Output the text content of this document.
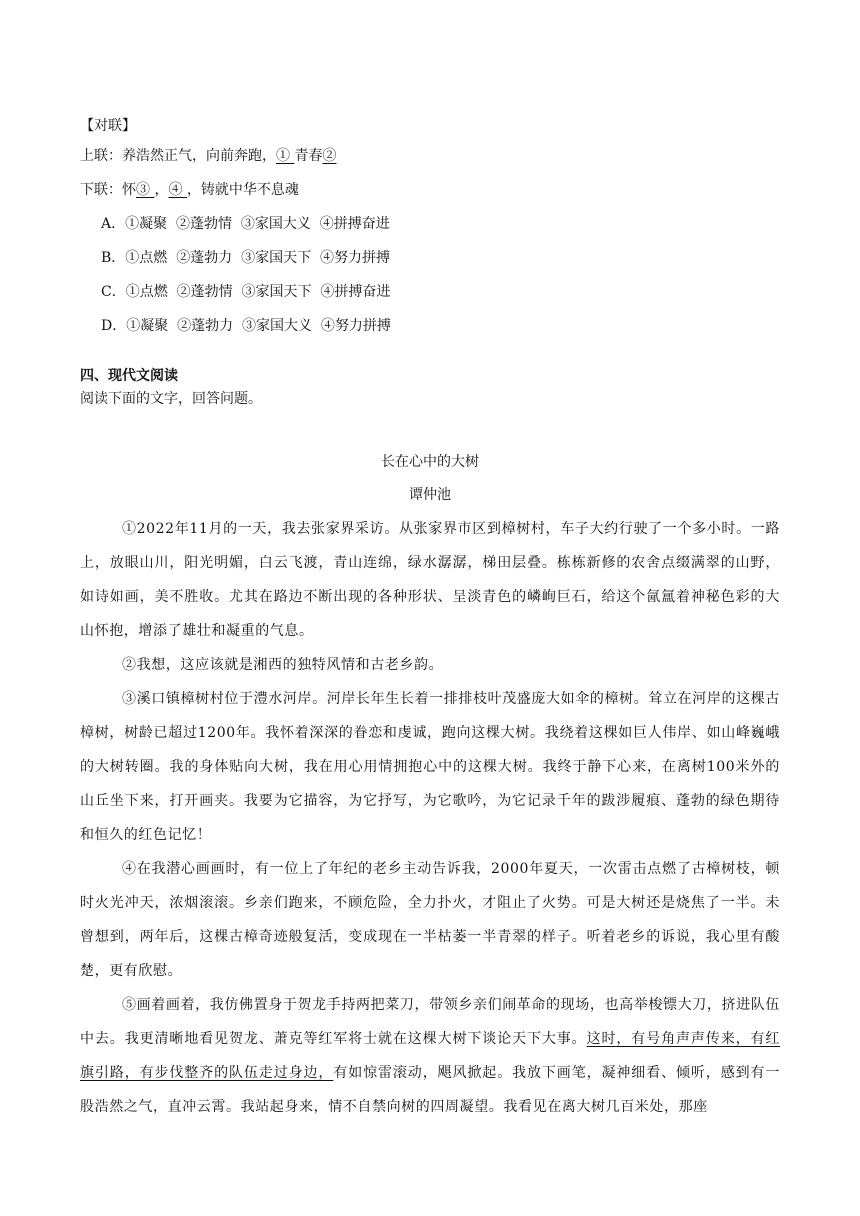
【对联】
上联：养浩然正气，向前奔跑，① 青春②
下联：怀③ ，④ ，铸就中华不息魂
A．①凝聚  ②蓬勃情  ③家国大义  ④拼搏奋进
B．①点燃  ②蓬勃力  ③家国天下  ④努力拼搏
C．①点燃  ②蓬勃情  ③家国天下  ④拼搏奋进
D．①凝聚  ②蓬勃力  ③家国大义  ④努力拼搏
四、现代文阅读
阅读下面的文字，回答问题。
长在心中的大树
谭仲池
①2022年11月的一天，我去张家界采访。从张家界市区到樟树村，车子大约行驶了一个多小时。一路上，放眼山川，阳光明媚，白云飞渡，青山连绵，绿水潺潺，梯田层叠。栋栋新修的农舍点缀满翠的山野，如诗如画，美不胜收。尤其在路边不断出现的各种形状、呈淡青色的嶙峋巨石，给这个氤氲着神秘色彩的大山怀抱，增添了雄壮和凝重的气息。
②我想，这应该就是湘西的独特风情和古老乡韵。
③溪口镇樟树村位于澧水河岸。河岸长年生长着一排排枝叶茂盛庞大如伞的樟树。耸立在河岸的这棵古樟树，树龄已超过1200年。我怀着深深的眷恋和虔诚，跑向这棵大树。我绕着这棵如巨人伟岸、如山峰巍峨的大树转圈。我的身体贴向大树，我在用心用情拥抱心中的这棵大树。我终于静下心来，在离树100米外的山丘坐下来，打开画夹。我要为它描容，为它抒写，为它歌吟，为它记录千年的跋涉履痕、蓬勃的绿色期待和恒久的红色记忆！
④在我潜心画画时，有一位上了年纪的老乡主动告诉我，2000年夏天，一次雷击点燃了古樟树枝，顿时火光冲天，浓烟滚滚。乡亲们跑来，不顾危险，全力扑火，才阻止了火势。可是大树还是烧焦了一半。未曾想到，两年后，这棵古樟奇迹般复活，变成现在一半枯萎一半青翠的样子。听着老乡的诉说，我心里有酸楚，更有欣慰。
⑤画着画着，我仿佛置身于贺龙手持两把菜刀，带领乡亲们闹革命的现场，也高举梭镖大刀，挤进队伍中去。我更清晰地看见贺龙、萧克等红军将士就在这棵大树下谈论天下大事。这时，有号角声声传来，有红旗引路，有步伐整齐的队伍走过身边，有如惊雷滚动，飓风掀起。我放下画笔，凝神细看、倾听，感到有一股浩然之气，直冲云霄。我站起身来，情不自禁向树的四周凝望。我看见在离大树几百米处，那座
